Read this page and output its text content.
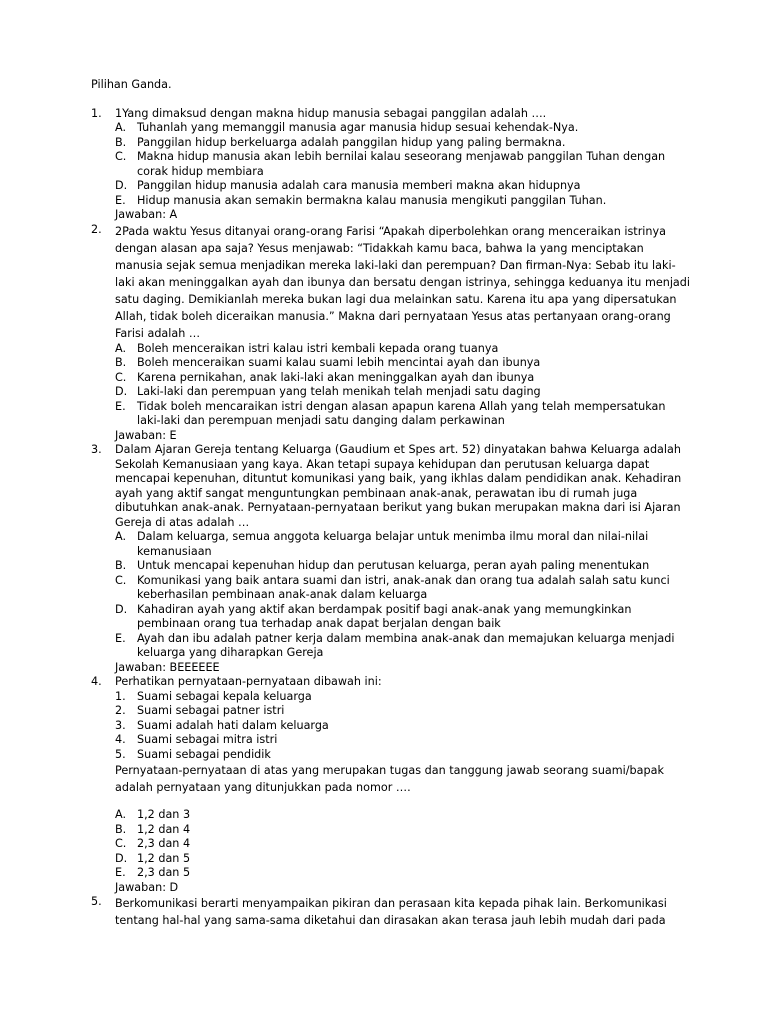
Pilihan Ganda.
1. 1Yang dimaksud dengan makna hidup manusia sebagai panggilan adalah ….

A. Tuhanlah yang memanggil manusia agar manusia hidup sesuai kehendak-Nya.
B. Panggilan hidup berkeluarga adalah panggilan hidup yang paling bermakna.
C. Makna hidup manusia akan lebih bernilai kalau seseorang menjawab panggilan Tuhan dengan corak hidup membiara
D. Panggilan hidup manusia adalah cara manusia memberi makna akan hidupnya
E. Hidup manusia akan semakin bermakna kalau manusia mengikuti panggilan Tuhan.

Jawaban: A

2. 2Pada waktu Yesus ditanyai orang-orang Farisi “Apakah diperbolehkan orang menceraikan istrinya dengan alasan apa saja? Yesus menjawab: “Tidakkah kamu baca, bahwa Ia yang menciptakan manusia sejak semua menjadikan mereka laki-laki dan perempuan? Dan firman-Nya: Sebab itu laki-laki akan meninggalkan ayah dan ibunya dan bersatu dengan istrinya, sehingga keduanya itu menjadi satu daging. Demikianlah mereka bukan lagi dua melainkan satu. Karena itu apa yang dipersatukan Allah, tidak boleh diceraikan manusia.” Makna dari pernyataan Yesus atas pertanyaan orang-orang Farisi adalah …

A. Boleh menceraikan istri kalau istri kembali kepada orang tuanya
B. Boleh menceraikan suami kalau suami lebih mencintai ayah dan ibunya
C. Karena pernikahan, anak laki-laki akan meninggalkan ayah dan ibunya
D. Laki-laki dan perempuan yang telah menikah telah menjadi satu daging
E. Tidak boleh mencaraikan istri dengan alasan apapun karena Allah yang telah mempersatukan laki-laki dan perempuan menjadi satu danging dalam perkawinan

Jawaban: E

3. Dalam Ajaran Gereja tentang Keluarga (Gaudium et Spes art. 52) dinyatakan bahwa Keluarga adalah Sekolah Kemanusiaan yang kaya. Akan tetapi supaya kehidupan dan perutusan keluarga dapat mencapai kepenuhan, dituntut komunikasi yang baik, yang ikhlas dalam pendidikan anak. Kehadiran ayah yang aktif sangat menguntungkan pembinaan anak-anak, perawatan ibu di rumah juga dibutuhkan anak-anak. Pernyataan-pernyataan berikut yang bukan merupakan makna dari isi Ajaran Gereja di atas adalah …

A. Dalam keluarga, semua anggota keluarga belajar untuk menimba ilmu moral dan nilai-nilai kemanusiaan
B. Untuk mencapai kepenuhan hidup dan perutusan keluarga, peran ayah paling menentukan
C. Komunikasi yang baik antara suami dan istri, anak-anak dan orang tua adalah salah satu kunci keberhasilan pembinaan anak-anak dalam keluarga
D. Kahadiran ayah yang aktif akan berdampak positif bagi anak-anak yang memungkinkan pembinaan orang tua terhadap anak dapat berjalan dengan baik
E. Ayah dan ibu adalah patner kerja dalam membina anak-anak dan memajukan keluarga menjadi keluarga yang diharapkan Gereja

Jawaban: BEEEEEE

4. Perhatikan pernyataan-pernyataan dibawah ini:

1. Suami sebagai kepala keluarga
2. Suami sebagai patner istri
3. Suami adalah hati dalam keluarga
4. Suami sebagai mitra istri
5. Suami sebagai pendidik

Pernyataan-pernyataan di atas yang merupakan tugas dan tanggung jawab seorang suami/bapak adalah pernyataan yang ditunjukkan pada nomor ….

A. 1,2 dan 3
B. 1,2 dan 4
C. 2,3 dan 4
D. 1,2 dan 5
E. 2,3 dan 5

Jawaban: D

5. Berkomunikasi berarti menyampaikan pikiran dan perasaan kita kepada pihak lain. Berkomunikasi tentang hal-hal yang sama-sama diketahui dan dirasakan akan terasa jauh lebih mudah dari pada
